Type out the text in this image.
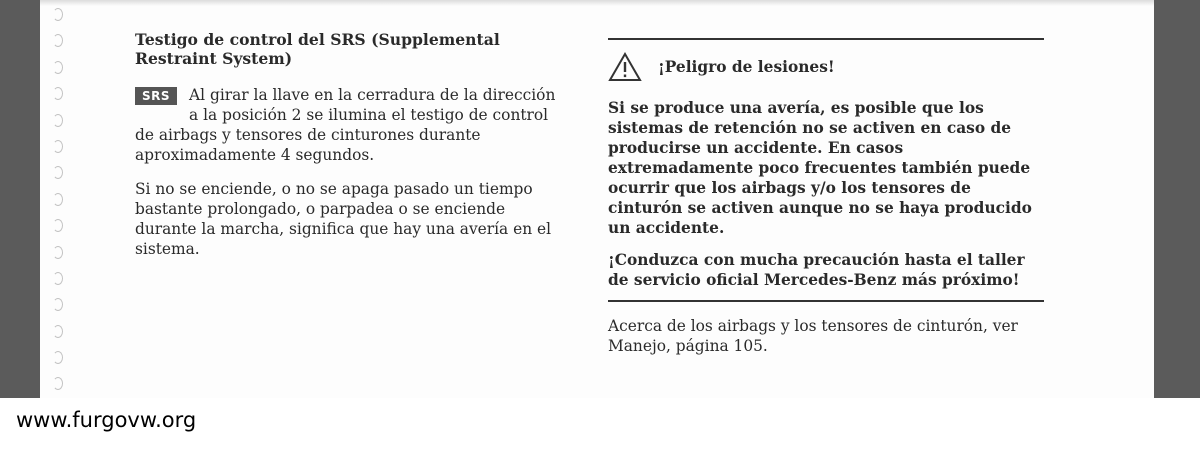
Testigo de control del SRS (Supplemental Restraint System)

SRS	Al girar la llave en la cerradura de la dirección a la posición 2 se ilumina el testigo de control de airbags y tensores de cinturones durante aproximadamente 4 segundos.

Si no se enciende, o no se apaga pasado un tiempo bastante prolongado, o parpadea o se enciende durante la marcha, significa que hay una avería en el sistema.

¡Peligro de lesiones!

Si se produce una avería, es posible que los sistemas de retención no se activen en caso de producirse un accidente. En casos extremadamente poco frecuentes también puede ocurrir que los airbags y/o los tensores de cinturón se activen aunque no se haya producido un accidente.

¡Conduzca con mucha precaución hasta el taller de servicio oficial Mercedes-Benz más próximo!

Acerca de los airbags y los tensores de cinturón, ver Manejo, página 105.

www.furgovw.org
